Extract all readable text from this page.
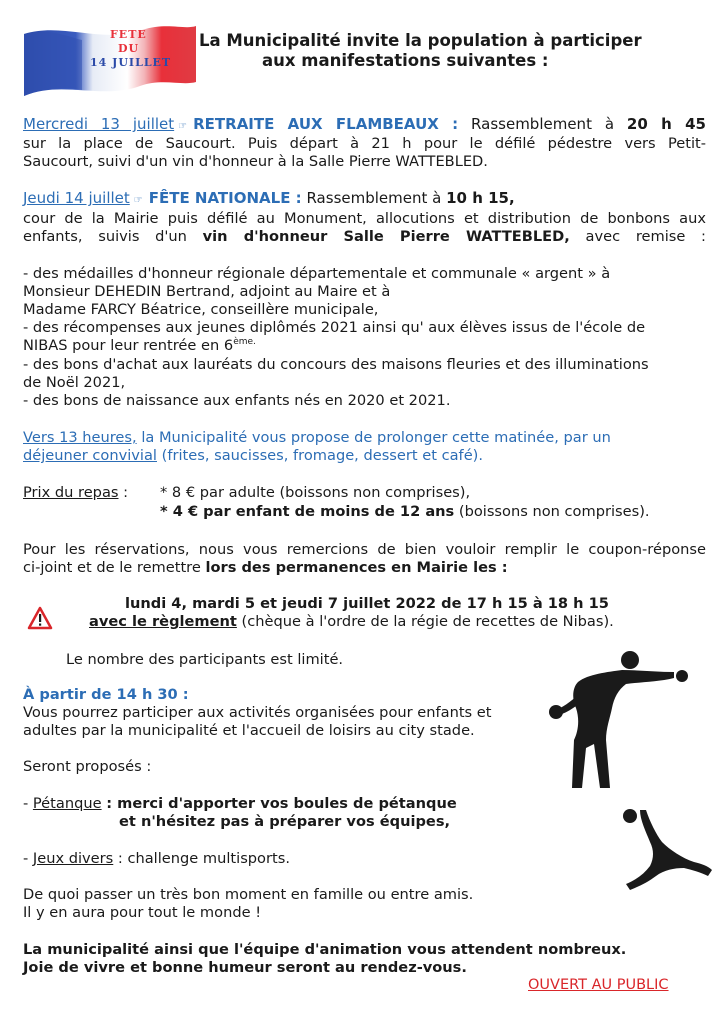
FETE
DU
14 JUILLET
La Municipalité invite la population à participer
aux manifestations suivantes :
Mercredi 13 juillet ☞ RETRAITE AUX FLAMBEAUX : Rassemblement à 20 h 45
sur la place de Saucourt. Puis départ à 21 h pour le défilé pédestre vers Petit-
Saucourt, suivi d'un vin d'honneur à la Salle Pierre WATTEBLED.
Jeudi 14 juillet ☞ FÊTE NATIONALE : Rassemblement à 10 h 15,
cour de la Mairie puis défilé au Monument, allocutions et distribution de bonbons aux
enfants, suivis d'un vin d'honneur Salle Pierre WATTEBLED, avec remise :
- des médailles d'honneur régionale départementale et communale « argent » à
Monsieur DEHEDIN Bertrand, adjoint au Maire et à
Madame FARCY Béatrice, conseillère municipale,
- des récompenses aux jeunes diplômés 2021 ainsi qu' aux élèves issus de l'école de
NIBAS pour leur rentrée en $6^{ème.}$
- des bons d'achat aux lauréats du concours des maisons fleuries et des illuminations
de Noël 2021,
- des bons de naissance aux enfants nés en 2020 et 2021.
Vers 13 heures, la Municipalité vous propose de prolonger cette matinée, par un
déjeuner convivial (frites, saucisses, fromage, dessert et café).
Prix du repas : * 8 € par adulte (boissons non comprises),
* 4 € par enfant de moins de 12 ans (boissons non comprises).
Pour les réservations, nous vous remercions de bien vouloir remplir le coupon-réponse
ci-joint et de le remettre lors des permanences en Mairie les :
lundi 4, mardi 5 et jeudi 7 juillet 2022 de 17 h 15 à 18 h 15
avec le règlement (chèque à l'ordre de la régie de recettes de Nibas).
Le nombre des participants est limité.
À partir de 14 h 30 :
Vous pourrez participer aux activités organisées pour enfants et
adultes par la municipalité et l'accueil de loisirs au city stade.
Seront proposés :
- Pétanque : merci d'apporter vos boules de pétanque
et n'hésitez pas à préparer vos équipes,
- Jeux divers : challenge multisports.
De quoi passer un très bon moment en famille ou entre amis.
Il y en aura pour tout le monde !
La municipalité ainsi que l'équipe d'animation vous attendent nombreux.
Joie de vivre et bonne humeur seront au rendez-vous.
OUVERT AU PUBLIC
